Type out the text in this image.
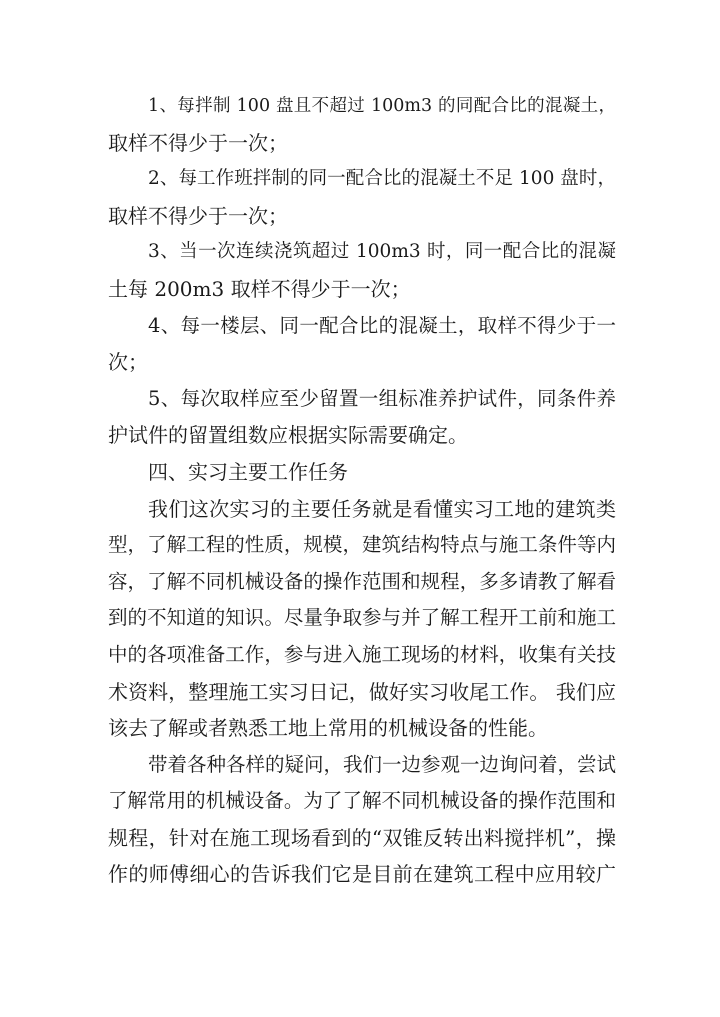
1、每拌制 100 盘且不超过 100m3 的同配合比的混凝土，
取样不得少于一次；
2、每工作班拌制的同一配合比的混凝土不足 100 盘时，
取样不得少于一次；
3、当一次连续浇筑超过 100m3 时，同一配合比的混凝
土每 200m3 取样不得少于一次；
4、每一楼层、同一配合比的混凝土，取样不得少于一
次；
5、每次取样应至少留置一组标准养护试件，同条件养
护试件的留置组数应根据实际需要确定。
四、实习主要工作任务
我们这次实习的主要任务就是看懂实习工地的建筑类
型，了解工程的性质，规模，建筑结构特点与施工条件等内
容，了解不同机械设备的操作范围和规程，多多请教了解看
到的不知道的知识。尽量争取参与并了解工程开工前和施工
中的各项准备工作，参与进入施工现场的材料，收集有关技
术资料，整理施工实习日记，做好实习收尾工作。 我们应
该去了解或者熟悉工地上常用的机械设备的性能。
带着各种各样的疑问，我们一边参观一边询问着，尝试
了解常用的机械设备。为了了解不同机械设备的操作范围和
规程，针对在施工现场看到的“双锥反转出料搅拌机”，操
作的师傅细心的告诉我们它是目前在建筑工程中应用较广
